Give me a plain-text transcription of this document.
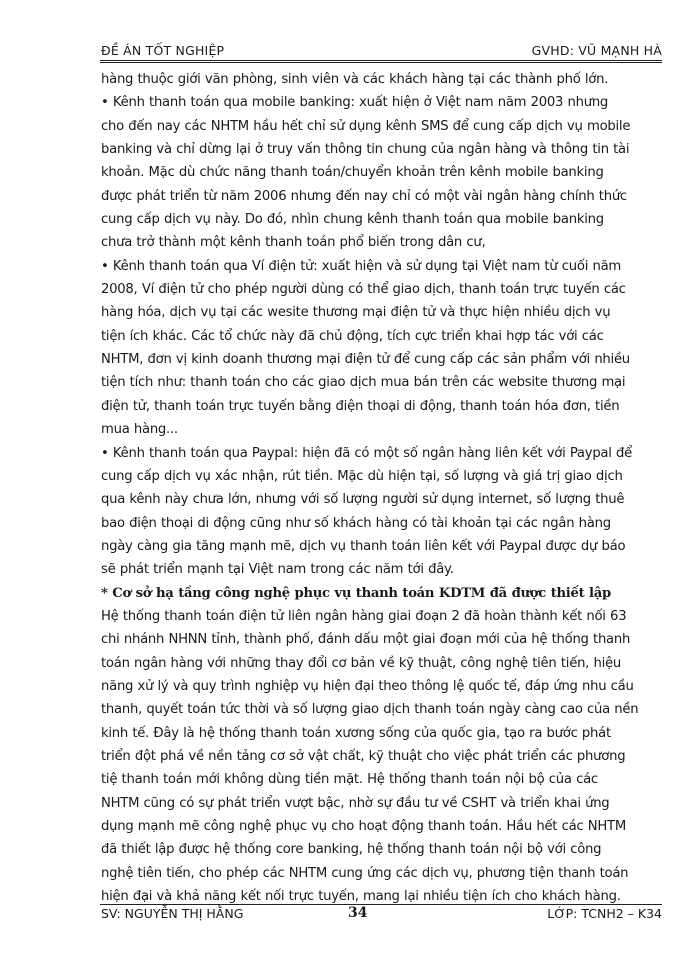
ĐỀ ÁN TỐT NGHIỆP	GVHD: VŨ MẠNH HÀ

hàng thuộc giới văn phòng, sinh viên và các khách hàng tại các thành phố lớn.

• Kênh thanh toán qua mobile banking: xuất hiện ở Việt nam năm 2003 nhưng
cho đến nay các NHTM hầu hết chỉ sử dụng kênh SMS để cung cấp dịch vụ mobile
banking và chỉ dừng lại ở truy vấn thông tin chung của ngân hàng và thông tin tài
khoản. Mặc dù chức năng thanh toán/chuyển khoản trên kênh mobile banking
được phát triển từ năm 2006 nhưng đến nay chỉ có một vài ngân hàng chính thức
cung cấp dịch vụ này. Do đó, nhìn chung kênh thanh toán qua mobile banking
chưa trở thành một kênh thanh toán phổ biến trong dân cư,

• Kênh thanh toán qua Ví điện tử: xuất hiện và sử dụng tại Việt nam từ cuối năm
2008, Ví điện tử cho phép người dùng có thể giao dịch, thanh toán trực tuyến các
hàng hóa, dịch vụ tại các wesite thương mại điện tử và thực hiện nhiều dịch vụ
tiện ích khác. Các tổ chức này đã chủ động, tích cực triển khai hợp tác với các
NHTM, đơn vị kinh doanh thương mại điện tử để cung cấp các sản phẩm với nhiều
tiện tích như: thanh toán cho các giao dịch mua bán trên các website thương mại
điện tử, thanh toán trực tuyến bằng điện thoại di động, thanh toán hóa đơn, tiền
mua hàng...

• Kênh thanh toán qua Paypal: hiện đã có một số ngân hàng liên kết với Paypal để
cung cấp dịch vụ xác nhận, rút tiền. Mặc dù hiện tại, số lượng và giá trị giao dịch
qua kênh này chưa lớn, nhưng với số lượng người sử dụng internet, số lượng thuê
bao điện thoại di động cũng như số khách hàng có tài khoản tại các ngân hàng
ngày càng gia tăng mạnh mẽ, dịch vụ thanh toán liên kết với Paypal được dự báo
sẽ phát triển mạnh tại Việt nam trong các năm tới đây.

* Cơ sở hạ tầng công nghệ phục vụ thanh toán KDTM đã được thiết lập

Hệ thống thanh toán điện tử liên ngân hàng giai đoạn 2 đã hoàn thành kết nối 63
chi nhánh NHNN tỉnh, thành phố, đánh dấu một giai đoạn mới của hệ thống thanh
toán ngân hàng với những thay đổi cơ bản về kỹ thuật, công nghệ tiên tiến, hiệu
năng xử lý và quy trình nghiệp vụ hiện đại theo thông lệ quốc tế, đáp ứng nhu cầu
thanh, quyết toán tức thời và số lượng giao dịch thanh toán ngày càng cao của nền
kinh tế. Đây là hệ thống thanh toán xương sống của quốc gia, tạo ra bước phát
triển đột phá về nền tảng cơ sở vật chất, kỹ thuật cho việc phát triển các phương
tiệ thanh toán mới không dùng tiền mặt. Hệ thống thanh toán nội bộ của các
NHTM cũng có sự phát triển vượt bậc, nhờ sự đầu tư về CSHT và triển khai ứng
dụng mạnh mẽ công nghệ phục vụ cho hoạt động thanh toán. Hầu hết các NHTM
đã thiết lập được hệ thống core banking, hệ thống thanh toán nội bộ với công
nghệ tiên tiến, cho phép các NHTM cung ứng các dịch vụ, phương tiện thanh toán
hiện đại và khả năng kết nối trực tuyến, mang lại nhiều tiện ích cho khách hàng.

SV: NGUYỄN THỊ HẰNG	34	LỚP: TCNH2 – K34
